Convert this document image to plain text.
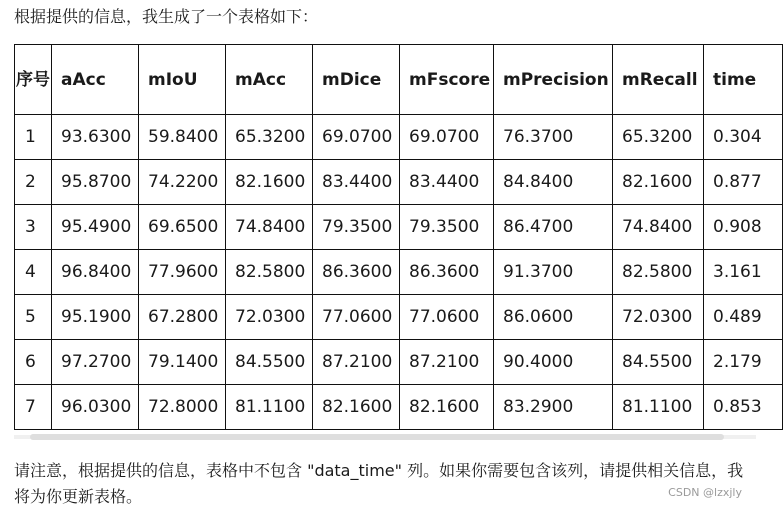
根据提供的信息，我生成了一个表格如下：
序号	aAcc	mIoU	mAcc	mDice	mFscore	mPrecision	mRecall	time
1	93.6300	59.8400	65.3200	69.0700	69.0700	76.3700	65.3200	0.304
2	95.8700	74.2200	82.1600	83.4400	83.4400	84.8400	82.1600	0.877
3	95.4900	69.6500	74.8400	79.3500	79.3500	86.4700	74.8400	0.908
4	96.8400	77.9600	82.5800	86.3600	86.3600	91.3700	82.5800	3.161
5	95.1900	67.2800	72.0300	77.0600	77.0600	86.0600	72.0300	0.489
6	97.2700	79.1400	84.5500	87.2100	87.2100	90.4000	84.5500	2.179
7	96.0300	72.8000	81.1100	82.1600	82.1600	83.2900	81.1100	0.853
请注意，根据提供的信息，表格中不包含 "data_time" 列。如果你需要包含该列，请提供相关信息，我将为你更新表格。	CSDN @lzxjly
